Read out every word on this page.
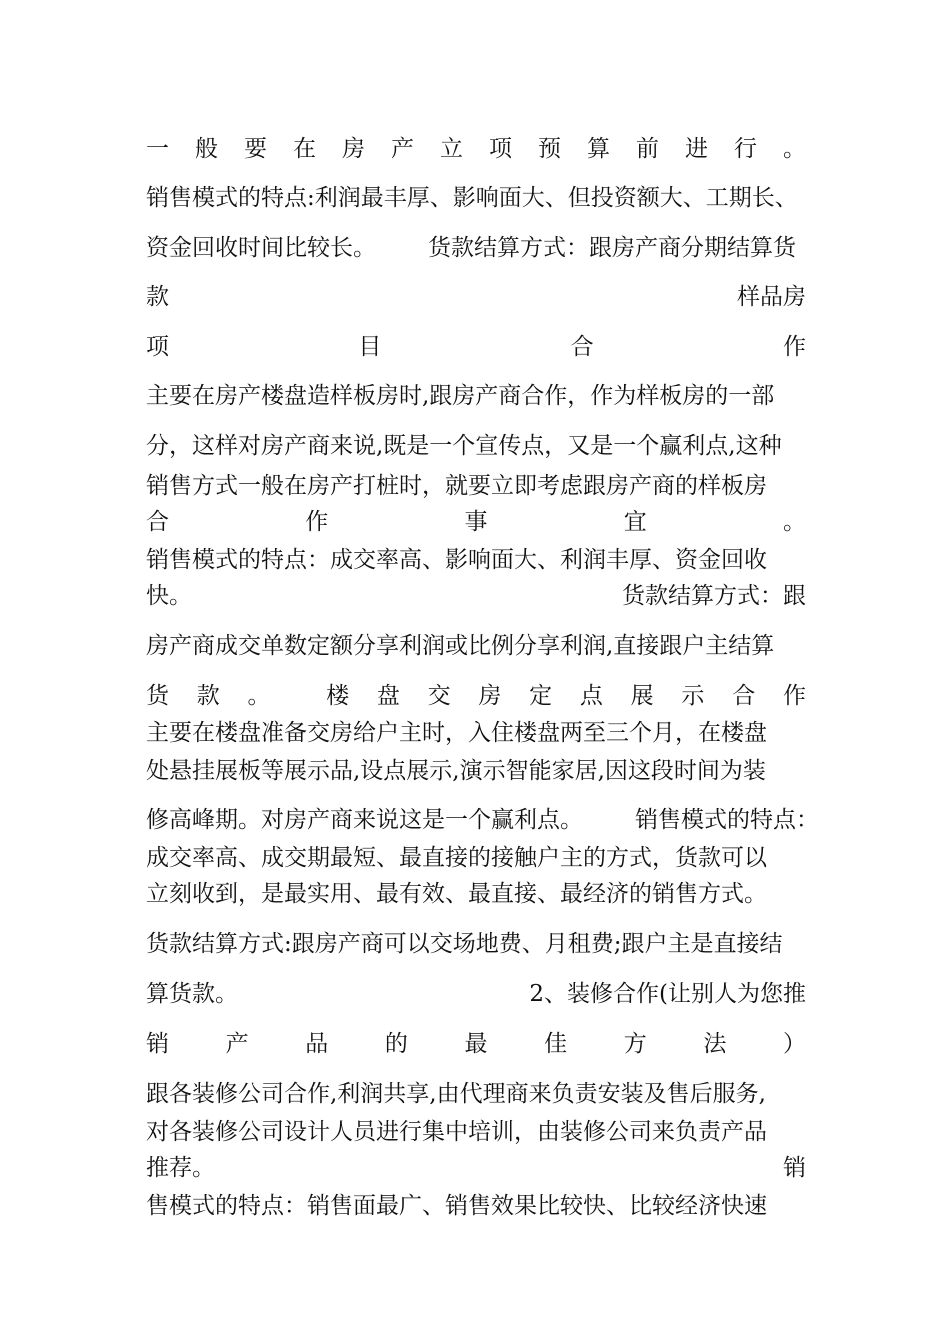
一 般 要 在 房 产 立 项 预 算 前 进 行 。
销售模式的特点:利润最丰厚、影响面大、但投资额大、工期长、
资金回收时间比较长。 货款结算方式：跟房产商分期结算货
款	样品房
项	目	合	作
主要在房产楼盘造样板房时,跟房产商合作，作为样板房的一部
分，这样对房产商来说,既是一个宣传点，又是一个赢利点,这种
销售方式一般在房产打桩时，就要立即考虑跟房产商的样板房
合	作	事	宜	。
销售模式的特点：成交率高、影响面大、利润丰厚、资金回收
快。	货款结算方式：跟
房产商成交单数定额分享利润或比例分享利润,直接跟户主结算
货 款 。 楼 盘 交 房 定 点 展 示 合 作
主要在楼盘准备交房给户主时，入住楼盘两至三个月，在楼盘
处悬挂展板等展示品,设点展示,演示智能家居,因这段时间为装
修高峰期。对房产商来说这是一个赢利点。 销售模式的特点：
成交率高、成交期最短、最直接的接触户主的方式，货款可以
立刻收到，是最实用、最有效、最直接、最经济的销售方式。
货款结算方式:跟房产商可以交场地费、月租费;跟户主是直接结
算货款。	2、装修合作(让别人为您推
销 产 品 的 最 佳 方 法 ）
跟各装修公司合作,利润共享,由代理商来负责安装及售后服务,
对各装修公司设计人员进行集中培训，由装修公司来负责产品
推荐。	销
售模式的特点：销售面最广、销售效果比较快、比较经济快速
